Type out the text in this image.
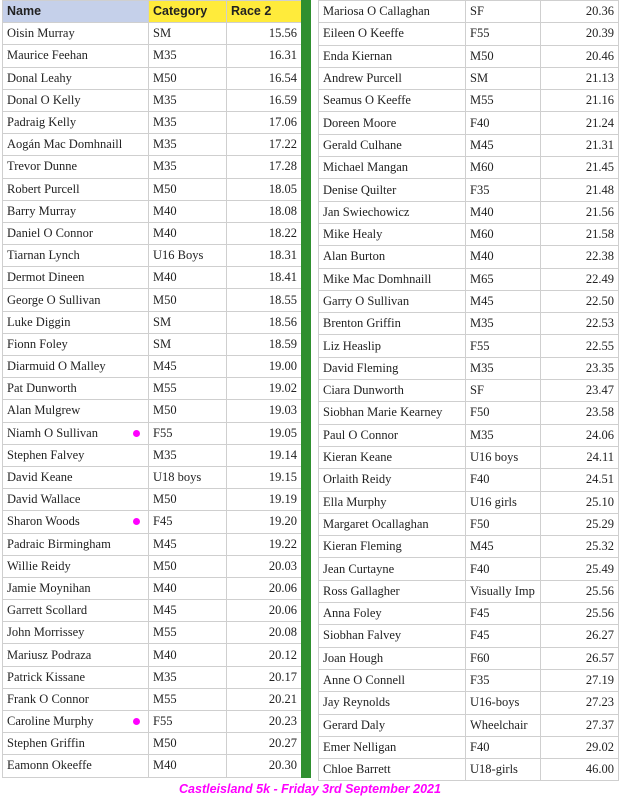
Name	Category	Race 2
Oisin Murray	SM	15.56
Maurice Feehan	M35	16.31
Donal Leahy	M50	16.54
Donal O Kelly	M35	16.59
Padraig Kelly	M35	17.06
Aogán Mac Domhnaill	M35	17.22
Trevor Dunne	M35	17.28
Robert Purcell	M50	18.05
Barry Murray	M40	18.08
Daniel O Connor	M40	18.22
Tiarnan Lynch	U16 Boys	18.31
Dermot Dineen	M40	18.41
George O Sullivan	M50	18.55
Luke Diggin	SM	18.56
Fionn Foley	SM	18.59
Diarmuid O Malley	M45	19.00
Pat Dunworth	M55	19.02
Alan Mulgrew	M50	19.03
Niamh O Sullivan	F55	19.05
Stephen Falvey	M35	19.14
David Keane	U18 boys	19.15
David Wallace	M50	19.19
Sharon Woods	F45	19.20
Padraic Birmingham	M45	19.22
Willie Reidy	M50	20.03
Jamie Moynihan	M40	20.06
Garrett Scollard	M45	20.06
John Morrissey	M55	20.08
Mariusz Podraza	M40	20.12
Patrick Kissane	M35	20.17
Frank O Connor	M55	20.21
Caroline Murphy	F55	20.23
Stephen Griffin	M50	20.27
Eamonn Okeeffe	M40	20.30
Mariosa O Callaghan	SF	20.36
Eileen O Keeffe	F55	20.39
Enda Kiernan	M50	20.46
Andrew Purcell	SM	21.13
Seamus O Keeffe	M55	21.16
Doreen Moore	F40	21.24
Gerald Culhane	M45	21.31
Michael Mangan	M60	21.45
Denise Quilter	F35	21.48
Jan Swiechowicz	M40	21.56
Mike Healy	M60	21.58
Alan Burton	M40	22.38
Mike Mac Domhnaill	M65	22.49
Garry O Sullivan	M45	22.50
Brenton Griffin	M35	22.53
Liz Heaslip	F55	22.55
David Fleming	M35	23.35
Ciara Dunworth	SF	23.47
Siobhan Marie Kearney	F50	23.58
Paul O Connor	M35	24.06
Kieran Keane	U16 boys	24.11
Orlaith Reidy	F40	24.51
Ella Murphy	U16 girls	25.10
Margaret Ocallaghan	F50	25.29
Kieran Fleming	M45	25.32
Jean Curtayne	F40	25.49
Ross Gallagher	Visually Imp	25.56
Anna Foley	F45	25.56
Siobhan Falvey	F45	26.27
Joan Hough	F60	26.57
Anne O Connell	F35	27.19
Jay Reynolds	U16-boys	27.23
Gerard Daly	Wheelchair	27.37
Emer Nelligan	F40	29.02
Chloe Barrett	U18-girls	46.00
Castleisland 5k - Friday 3rd September 2021
